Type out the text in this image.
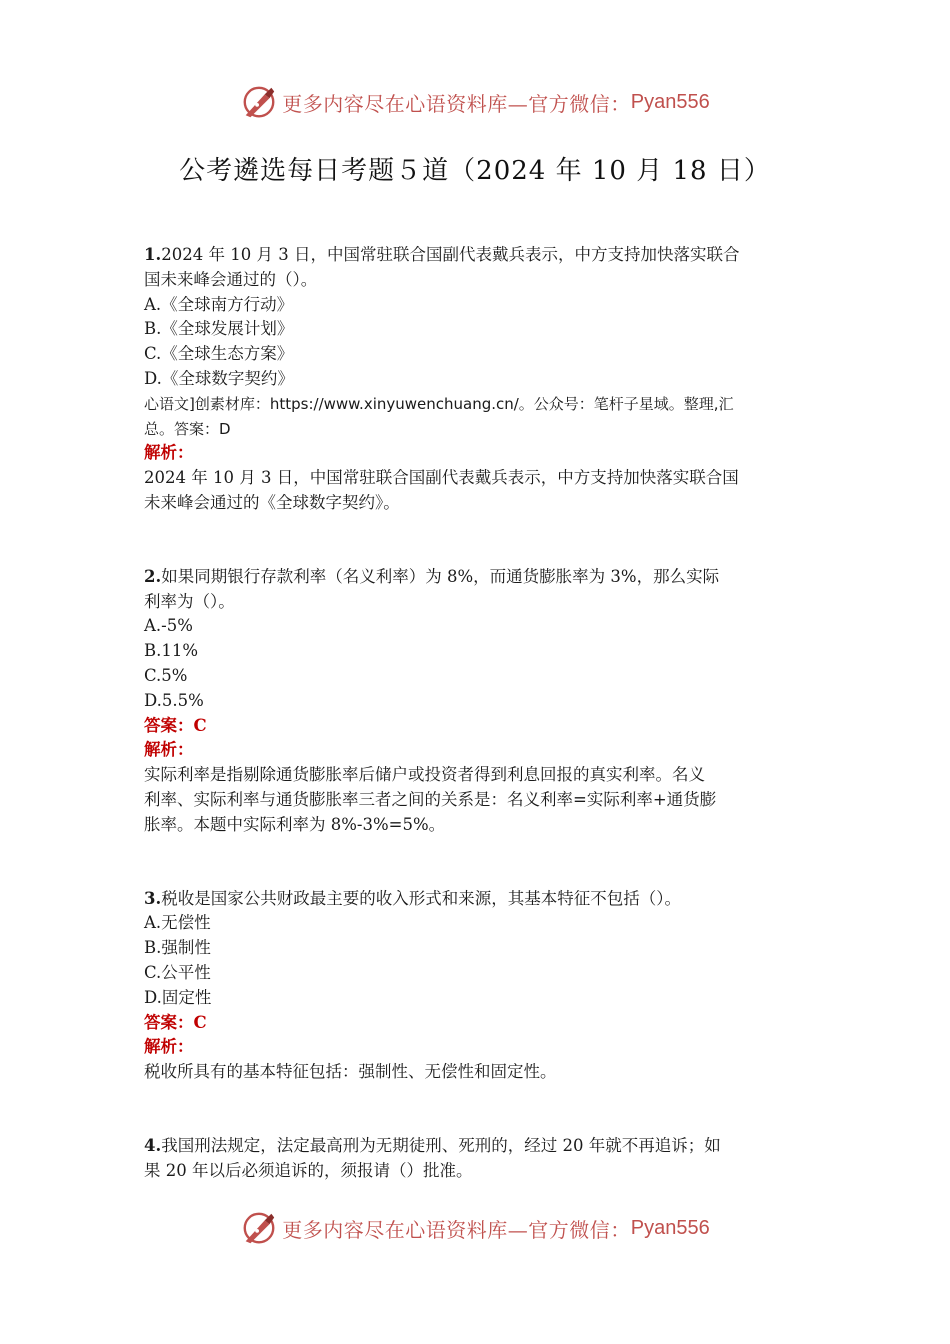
更多内容尽在心语资料库—官方微信： Pyan556
公考遴选每日考题５道（2024 年 10 月 18 日）
1.2024 年 10 月 3 日，中国常驻联合国副代表戴兵表示，中方支持加快落实联合
国未来峰会通过的（）。
A.《全球南方行动》
B.《全球发展计划》
C.《全球生态方案》
D.《全球数字契约》
心语文]创素材库：https://www.xinyuwenchuang.cn/。公众号：笔杆子星域。整理,汇
总。答案：D
解析：
2024 年 10 月 3 日，中国常驻联合国副代表戴兵表示，中方支持加快落实联合国
未来峰会通过的《全球数字契约》。
2.如果同期银行存款利率（名义利率）为 8%，而通货膨胀率为 3%，那么实际
利率为（）。
A.-5%
B.11%
C.5%
D.5.5%
答案：C
解析：
实际利率是指剔除通货膨胀率后储户或投资者得到利息回报的真实利率。名义
利率、实际利率与通货膨胀率三者之间的关系是：名义利率=实际利率+通货膨
胀率。本题中实际利率为 8%-3%=5%。
3.税收是国家公共财政最主要的收入形式和来源，其基本特征不包括（）。
A.无偿性
B.强制性
C.公平性
D.固定性
答案：C
解析：
税收所具有的基本特征包括：强制性、无偿性和固定性。
4.我国刑法规定，法定最高刑为无期徒刑、死刑的，经过 20 年就不再追诉；如
果 20 年以后必须追诉的，须报请（）批准。
更多内容尽在心语资料库—官方微信： Pyan556
